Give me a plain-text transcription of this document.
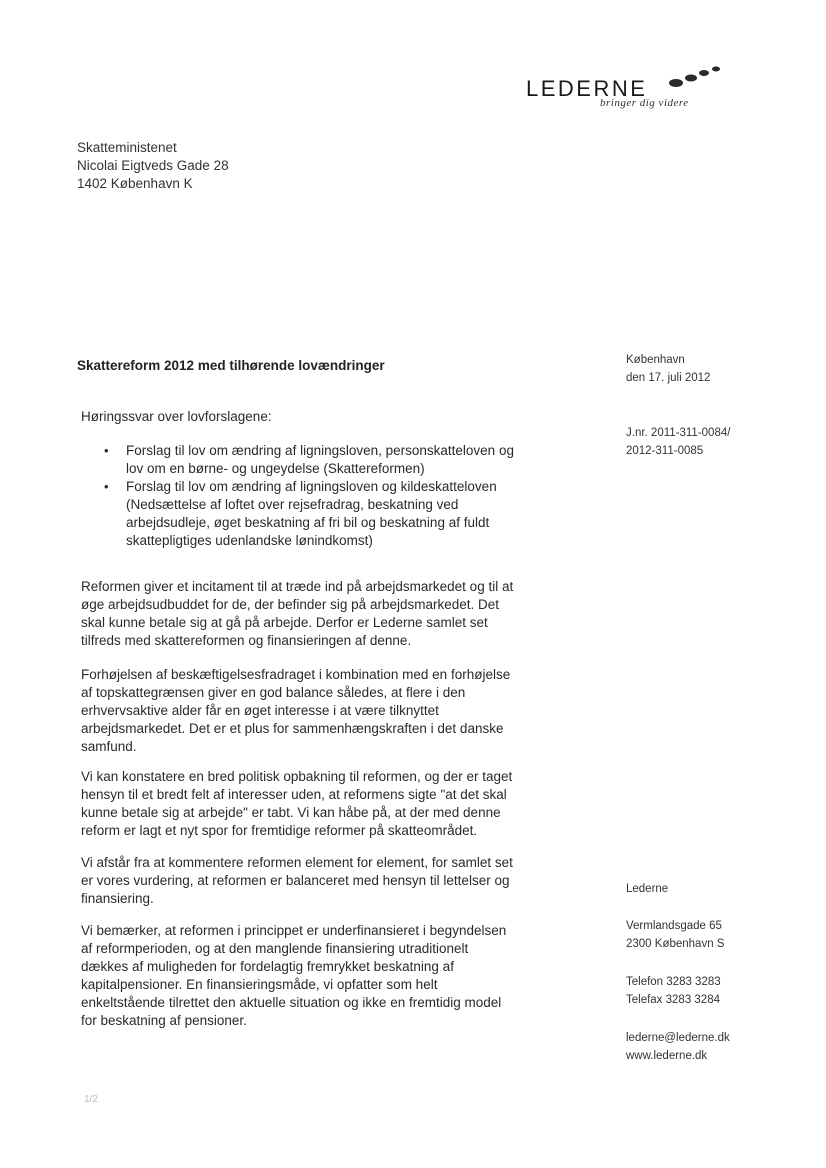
LEDERNE
bringer dig videre
Skatteministenet
Nicolai Eigtveds Gade 28
1402 København K
Skattereform 2012 med tilhørende lovændringer	København
den 17. juli 2012
J.nr. 2011-311-0084/
2012-311-0085
Høringssvar over lovforslagene:
• Forslag til lov om ændring af ligningsloven, personskatteloven og
lov om en børne- og ungeydelse (Skattereformen)
• Forslag til lov om ændring af ligningsloven og kildeskatteloven
(Nedsættelse af loftet over rejsefradrag, beskatning ved
arbejdsudleje, øget beskatning af fri bil og beskatning af fuldt
skattepligtiges udenlandske lønindkomst)
Reformen giver et incitament til at træde ind på arbejdsmarkedet og til at
øge arbejdsudbuddet for de, der befinder sig på arbejdsmarkedet. Det
skal kunne betale sig at gå på arbejde. Derfor er Lederne samlet set
tilfreds med skattereformen og finansieringen af denne.
Forhøjelsen af beskæftigelsesfradraget i kombination med en forhøjelse
af topskattegrænsen giver en god balance således, at flere i den
erhvervsaktive alder får en øget interesse i at være tilknyttet
arbejdsmarkedet. Det er et plus for sammenhængskraften i det danske
samfund.
Vi kan konstatere en bred politisk opbakning til reformen, og der er taget
hensyn til et bredt felt af interesser uden, at reformens sigte "at det skal
kunne betale sig at arbejde" er tabt. Vi kan håbe på, at der med denne
reform er lagt et nyt spor for fremtidige reformer på skatteområdet.
Vi afstår fra at kommentere reformen element for element, for samlet set
er vores vurdering, at reformen er balanceret med hensyn til lettelser og
finansiering.
Vi bemærker, at reformen i princippet er underfinansieret i begyndelsen
af reformperioden, og at den manglende finansiering utraditionelt
dækkes af muligheden for fordelagtig fremrykket beskatning af
kapitalpensioner. En finansieringsmåde, vi opfatter som helt
enkeltstående tilrettet den aktuelle situation og ikke en fremtidig model
for beskatning af pensioner.
Lederne
Vermlandsgade 65
2300 København S
Telefon 3283 3283
Telefax 3283 3284
lederne@lederne.dk
www.lederne.dk
1/2
